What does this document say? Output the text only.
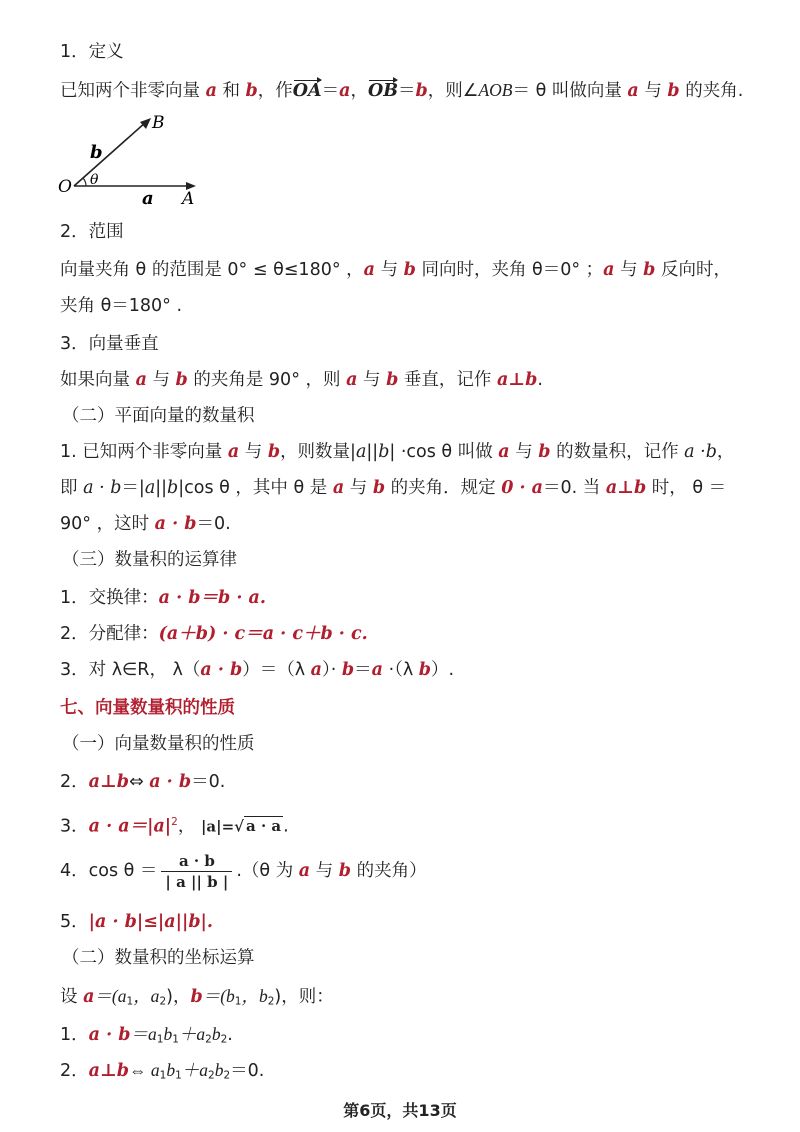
1．定义
已知两个非零向量 a 和 b，作OA＝a，OB＝b，则∠AOB＝ θ 叫做向量 a 与 b 的夹角.
O
A
B
θ
a
b
2．范围
向量夹角 θ 的范围是 0° ≤ θ≤180° ，a 与 b 同向时，夹角 θ＝0° ；a 与 b 反向时，
夹角 θ＝180° .
3．向量垂直
如果向量 a 与 b 的夹角是 90° ，则 a 与 b 垂直，记作 a⊥b.
（二）平面向量的数量积
1. 已知两个非零向量 a 与 b，则数量|a||b| ·cos θ 叫做 a 与 b 的数量积，记作 a ·b，
即 a · b＝|a||b|cos θ ，其中 θ 是 a 与 b 的夹角．规定 0 · a＝0. 当 a⊥b 时， θ ＝
90° ，这时 a · b＝0.
（三）数量积的运算律
1．交换律：a · b＝b · a.
2．分配律：(a＋b) · c＝a · c＋b · c.
3．对 λ∈R， λ（a · b）＝（λ a）· b＝a ·（λ b）.
七、向量数量积的性质
（一）向量数量积的性质
2．a⊥b⇔ a · b＝0.
3．$a \cdot a=|a|^2$， |a|=√ a · a .
4．$\cos \theta = \frac{a \cdot b}{| a || b |} .(\theta$ 为 a 与 b 的夹角）
5．|a · b|≤|a||b|.
（二）数量积的坐标运算
设 $a=(a_1$，$a_2$)，$b=(b_1$，$b_2$)，则：
1．$a \cdot b=a_1b_1+a_2b_2$.
2．a⊥b⇔ $a_1b_1+a_2b_2=0$.
第6页，共13页
